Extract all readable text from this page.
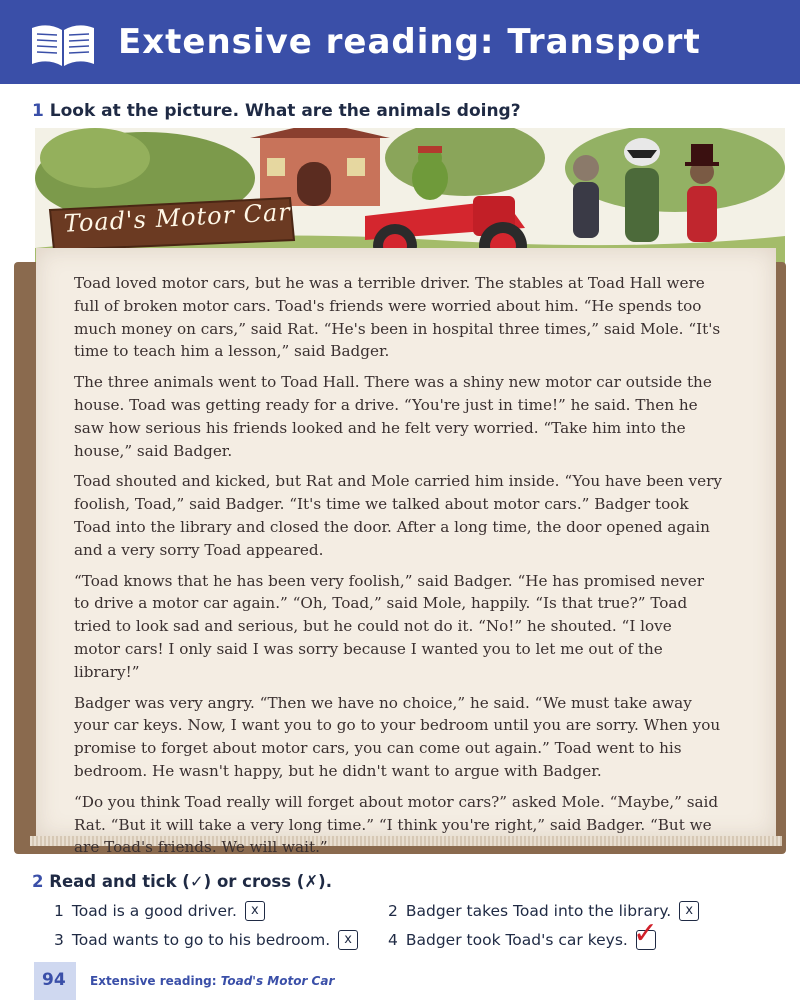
Extensive reading: Transport
1 Look at the picture. What are the animals doing?
Toad's Motor Car

Toad loved motor cars, but he was a terrible driver. The stables at Toad Hall were full of broken motor cars. Toad's friends were worried about him. “He spends too much money on cars,” said Rat. “He's been in hospital three times,” said Mole. “It's time to teach him a lesson,” said Badger.

The three animals went to Toad Hall. There was a shiny new motor car outside the house. Toad was getting ready for a drive. “You're just in time!” he said. Then he saw how serious his friends looked and he felt very worried. “Take him into the house,” said Badger.

Toad shouted and kicked, but Rat and Mole carried him inside. “You have been very foolish, Toad,” said Badger. “It's time we talked about motor cars.” Badger took Toad into the library and closed the door. After a long time, the door opened again and a very sorry Toad appeared.

“Toad knows that he has been very foolish,” said Badger. “He has promised never to drive a motor car again.” “Oh, Toad,” said Mole, happily. “Is that true?” Toad tried to look sad and serious, but he could not do it. “No!” he shouted. “I love motor cars! I only said I was sorry because I wanted you to let me out of the library!”

Badger was very angry. “Then we have no choice,” he said. “We must take away your car keys. Now, I want you to go to your bedroom until you are sorry. When you promise to forget about motor cars, you can come out again.” Toad went to his bedroom. He wasn't happy, but he didn't want to argue with Badger.

“Do you think Toad really will forget about motor cars?” asked Mole. “Maybe,” said Rat. “But it will take a very long time.” “I think you're right,” said Badger. “But we are Toad's friends. We will wait.”

2 Read and tick (✓) or cross (✗).
1 Toad is a good driver.	x	2 Badger takes Toad into the library.	x
3 Toad wants to go to his bedroom.	x	4 Badger took Toad's car keys. ✓
94 Extensive reading: Toad's Motor Car
